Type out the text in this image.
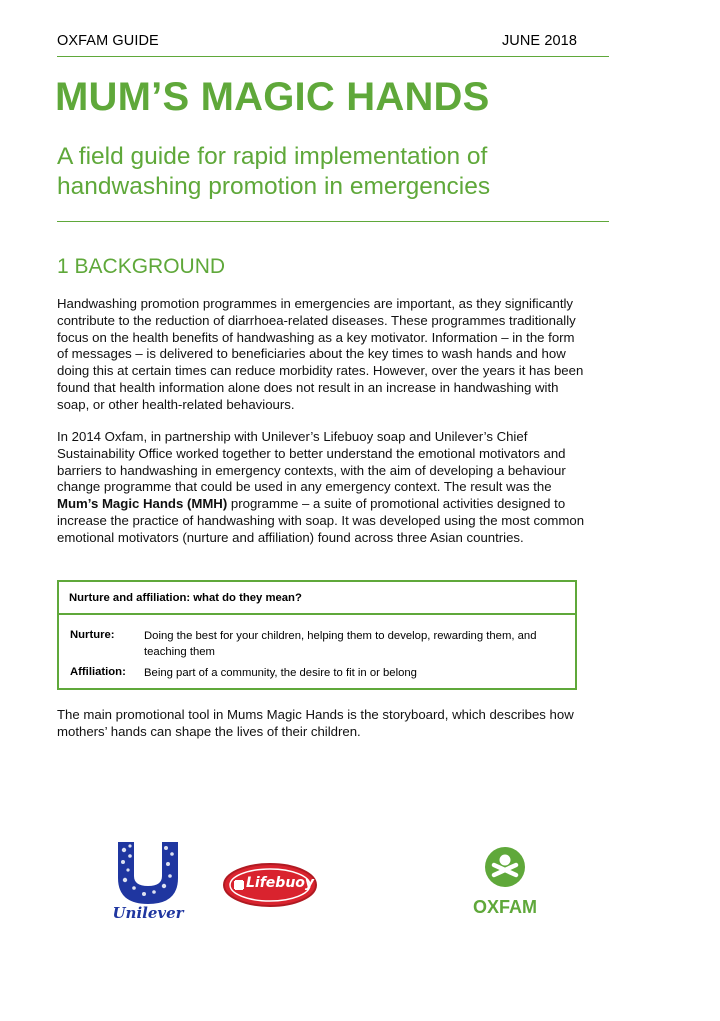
OXFAM GUIDE	JUNE 2018
MUM’S MAGIC HANDS
A field guide for rapid implementation of handwashing promotion in emergencies
1 BACKGROUND
Handwashing promotion programmes in emergencies are important, as they significantly contribute to the reduction of diarrhoea-related diseases. These programmes traditionally focus on the health benefits of handwashing as a key motivator. Information – in the form of messages – is delivered to beneficiaries about the key times to wash hands and how doing this at certain times can reduce morbidity rates. However, over the years it has been found that health information alone does not result in an increase in handwashing with soap, or other health-related behaviours.
In 2014 Oxfam, in partnership with Unilever’s Lifebuoy soap and Unilever’s Chief Sustainability Office worked together to better understand the emotional motivators and barriers to handwashing in emergency contexts, with the aim of developing a behaviour change programme that could be used in any emergency context. The result was the Mum’s Magic Hands (MMH) programme – a suite of promotional activities designed to increase the practice of handwashing with soap. It was developed using the most common emotional motivators (nurture and affiliation) found across three Asian countries.
Nurture and affiliation: what do they mean?
Nurture:	Doing the best for your children, helping them to develop, rewarding them, and teaching them
Affiliation: Being part of a community, the desire to fit in or belong
The main promotional tool in Mums Magic Hands is the storyboard, which describes how mothers’ hands can shape the lives of their children.
Unilever
Lifebuoy
OXFAM
